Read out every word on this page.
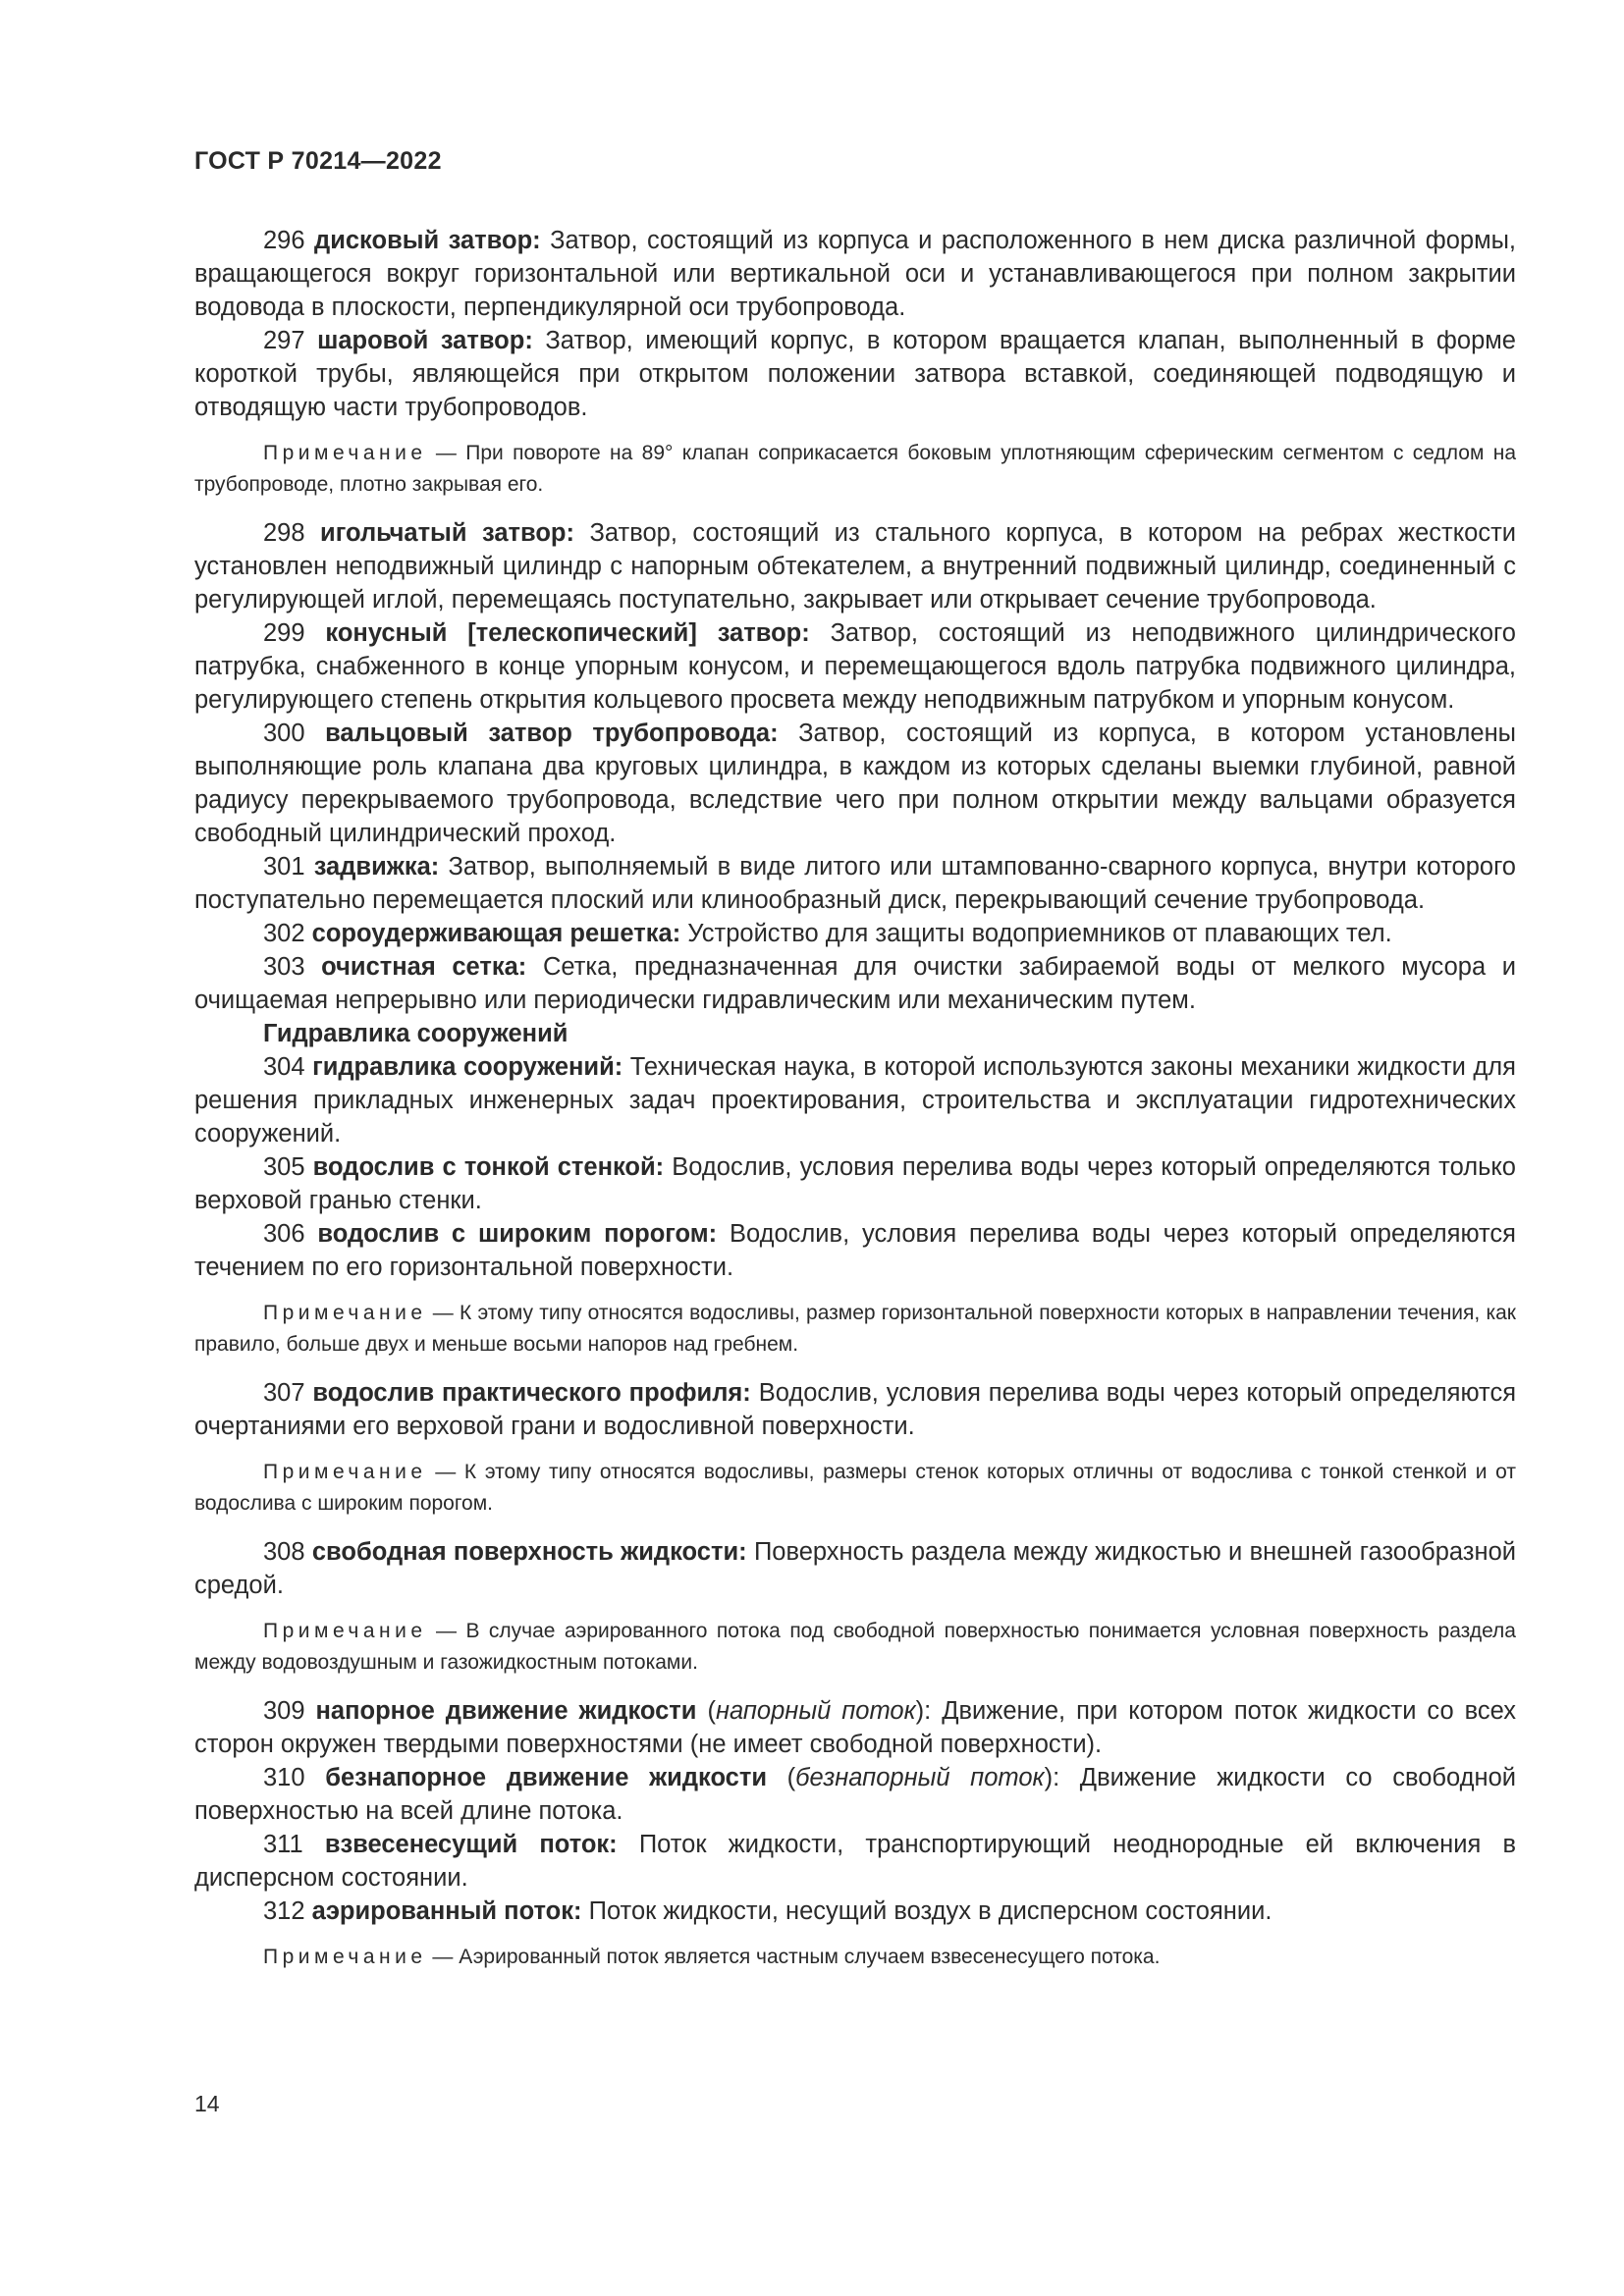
ГОСТ Р 70214—2022

296 дисковый затвор: Затвор, состоящий из корпуса и расположенного в нем диска различной формы, вращающегося вокруг горизонтальной или вертикальной оси и устанавливающегося при полном закрытии водовода в плоскости, перпендикулярной оси трубопровода.

297 шаровой затвор: Затвор, имеющий корпус, в котором вращается клапан, выполненный в форме короткой трубы, являющейся при открытом положении затвора вставкой, соединяющей подводящую и отводящую части трубопроводов.

Примечание — При повороте на 89° клапан соприкасается боковым уплотняющим сферическим сегментом с седлом на трубопроводе, плотно закрывая его.

298 игольчатый затвор: Затвор, состоящий из стального корпуса, в котором на ребрах жесткости установлен неподвижный цилиндр с напорным обтекателем, а внутренний подвижный цилиндр, соединенный с регулирующей иглой, перемещаясь поступательно, закрывает или открывает сечение трубопровода.

299 конусный [телескопический] затвор: Затвор, состоящий из неподвижного цилиндрического патрубка, снабженного в конце упорным конусом, и перемещающегося вдоль патрубка подвижного цилиндра, регулирующего степень открытия кольцевого просвета между неподвижным патрубком и упорным конусом.

300 вальцовый затвор трубопровода: Затвор, состоящий из корпуса, в котором установлены выполняющие роль клапана два круговых цилиндра, в каждом из которых сделаны выемки глубиной, равной радиусу перекрываемого трубопровода, вследствие чего при полном открытии между вальцами образуется свободный цилиндрический проход.

301 задвижка: Затвор, выполняемый в виде литого или штампованно-сварного корпуса, внутри которого поступательно перемещается плоский или клинообразный диск, перекрывающий сечение трубопровода.

302 сороудерживающая решетка: Устройство для защиты водоприемников от плавающих тел.

303 очистная сетка: Сетка, предназначенная для очистки забираемой воды от мелкого мусора и очищаемая непрерывно или периодически гидравлическим или механическим путем.

Гидравлика сооружений

304 гидравлика сооружений: Техническая наука, в которой используются законы механики жидкости для решения прикладных инженерных задач проектирования, строительства и эксплуатации гидротехнических сооружений.

305 водослив с тонкой стенкой: Водослив, условия перелива воды через который определяются только верховой гранью стенки.

306 водослив с широким порогом: Водослив, условия перелива воды через который определяются течением по его горизонтальной поверхности.

Примечание — К этому типу относятся водосливы, размер горизонтальной поверхности которых в направлении течения, как правило, больше двух и меньше восьми напоров над гребнем.

307 водослив практического профиля: Водослив, условия перелива воды через который определяются очертаниями его верховой грани и водосливной поверхности.

Примечание — К этому типу относятся водосливы, размеры стенок которых отличны от водослива с тонкой стенкой и от водослива с широким порогом.

308 свободная поверхность жидкости: Поверхность раздела между жидкостью и внешней газообразной средой.

Примечание — В случае аэрированного потока под свободной поверхностью понимается условная поверхность раздела между водовоздушным и газожидкостным потоками.

309 напорное движение жидкости (напорный поток): Движение, при котором поток жидкости со всех сторон окружен твердыми поверхностями (не имеет свободной поверхности).

310 безнапорное движение жидкости (безнапорный поток): Движение жидкости со свободной поверхностью на всей длине потока.

311 взвесенесущий поток: Поток жидкости, транспортирующий неоднородные ей включения в дисперсном состоянии.

312 аэрированный поток: Поток жидкости, несущий воздух в дисперсном состоянии.

Примечание — Аэрированный поток является частным случаем взвесенесущего потока.

14
